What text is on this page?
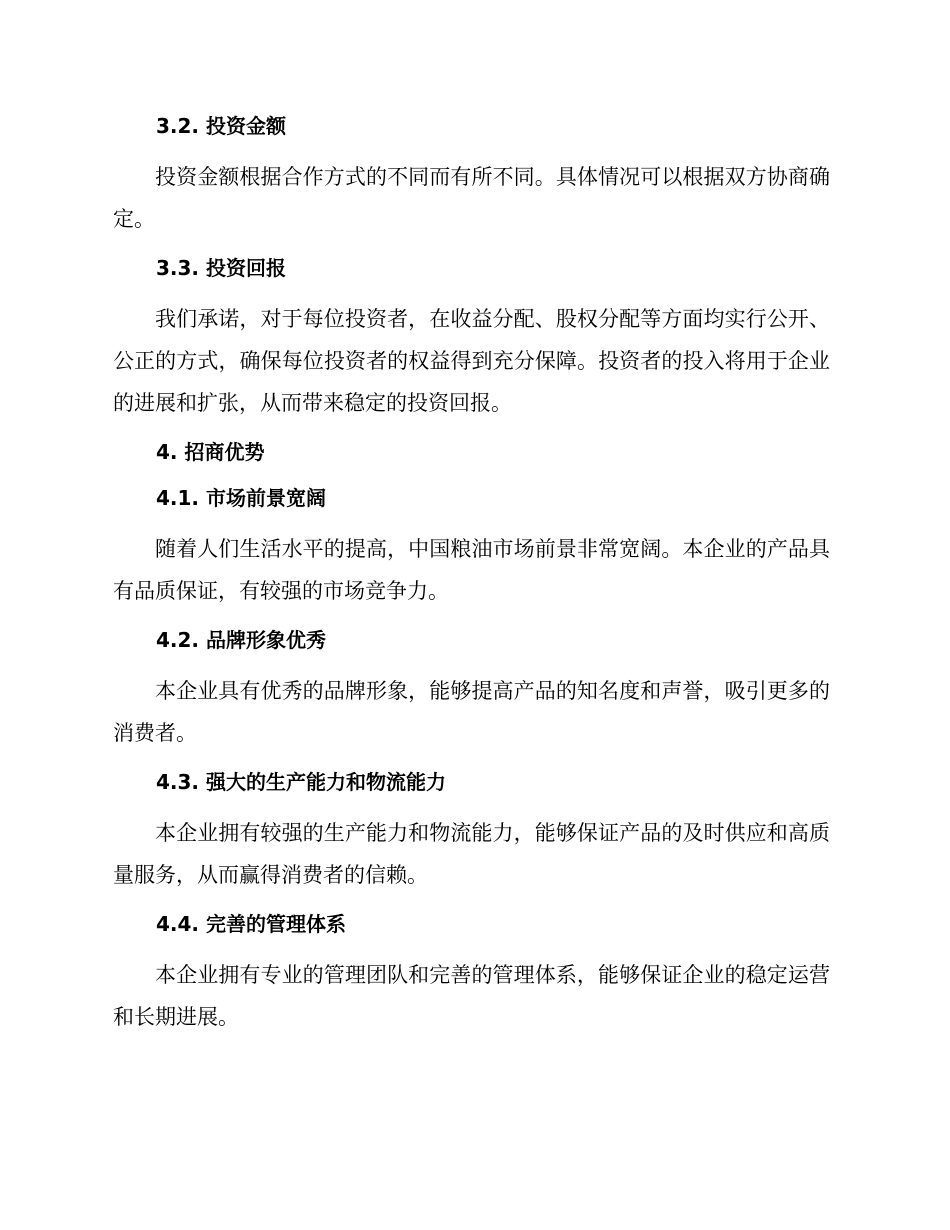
3.2. 投资金额

投资金额根据合作方式的不同而有所不同。具体情况可以根据双方协商确定。

3.3. 投资回报

我们承诺，对于每位投资者，在收益分配、股权分配等方面均实行公开、公正的方式，确保每位投资者的权益得到充分保障。投资者的投入将用于企业的进展和扩张，从而带来稳定的投资回报。

4. 招商优势
4.1. 市场前景宽阔

随着人们生活水平的提高，中国粮油市场前景非常宽阔。本企业的产品具有品质保证，有较强的市场竞争力。

4.2. 品牌形象优秀

本企业具有优秀的品牌形象，能够提高产品的知名度和声誉，吸引更多的消费者。

4.3. 强大的生产能力和物流能力

本企业拥有较强的生产能力和物流能力，能够保证产品的及时供应和高质量服务，从而赢得消费者的信赖。

4.4. 完善的管理体系

本企业拥有专业的管理团队和完善的管理体系，能够保证企业的稳定运营和长期进展。
